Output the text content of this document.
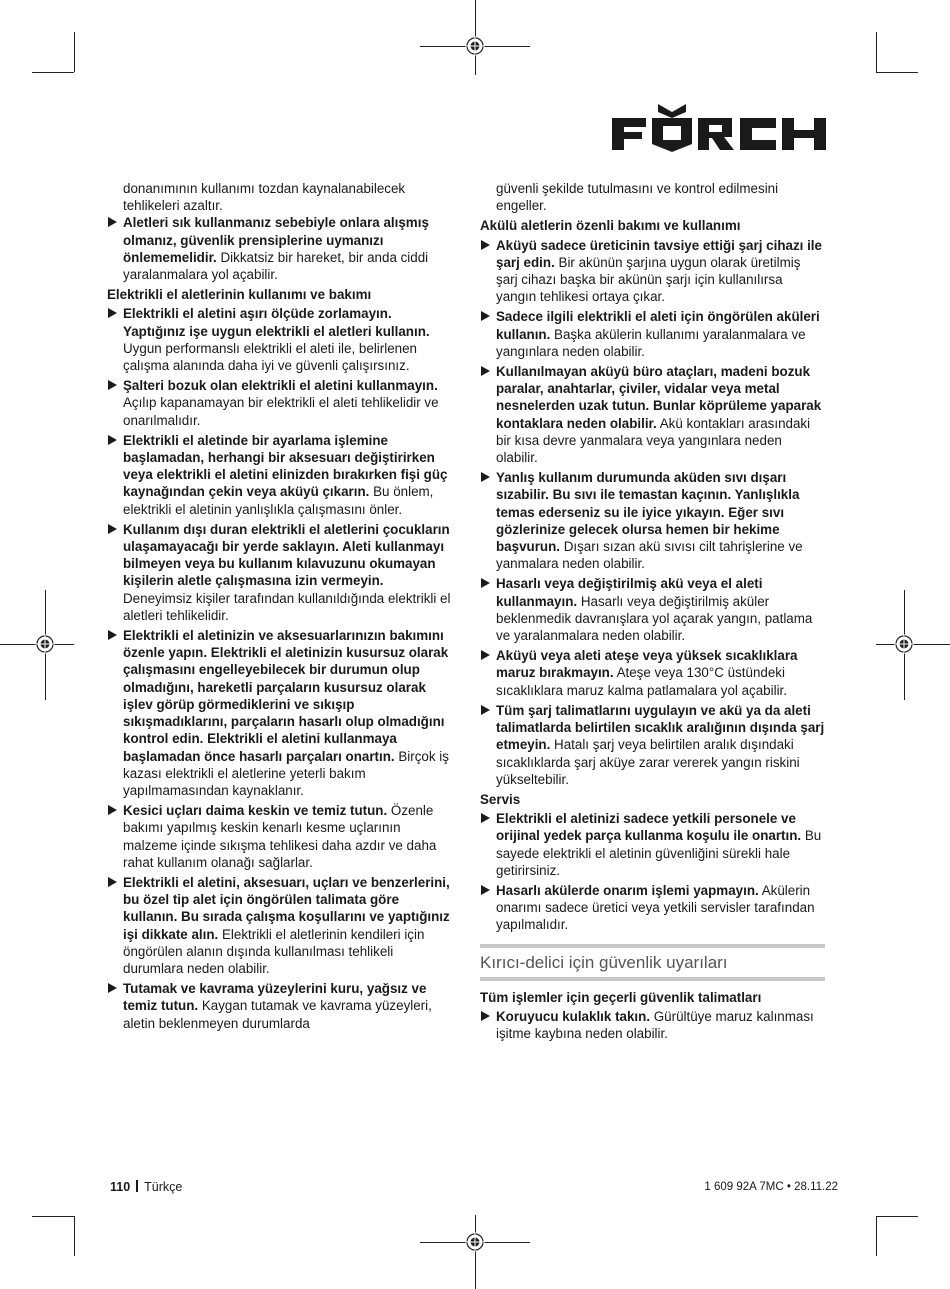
donanımının kullanımı tozdan kaynalanabilecek tehlikeleri azaltır.

Aletleri sık kullanmanız sebebiyle onlara alışmış olmanız, güvenlik prensiplerine uymanızı önlememelidir. Dikkatsiz bir hareket, bir anda ciddi yaralanmalara yol açabilir.
Elektrikli el aletlerinin kullanımı ve bakımı
Elektrikli el aletini aşırı ölçüde zorlamayın. Yaptığınız işe uygun elektrikli el aletleri kullanın. Uygun performanslı elektrikli el aleti ile, belirlenen çalışma alanında daha iyi ve güvenli çalışırsınız.
Şalteri bozuk olan elektrikli el aletini kullanmayın. Açılıp kapanamayan bir elektrikli el aleti tehlikelidir ve onarılmalıdır.
Elektrikli el aletinde bir ayarlama işlemine başlamadan, herhangi bir aksesuarı değiştirirken veya elektrikli el aletini elinizden bırakırken fişi güç kaynağından çekin veya aküyü çıkarın. Bu önlem, elektrikli el aletinin yanlışlıkla çalışmasını önler.
Kullanım dışı duran elektrikli el aletlerini çocukların ulaşamayacağı bir yerde saklayın. Aleti kullanmayı bilmeyen veya bu kullanım kılavuzunu okumayan kişilerin aletle çalışmasına izin vermeyin. Deneyimsiz kişiler tarafından kullanıldığında elektrikli el aletleri tehlikelidir.
Elektrikli el aletinizin ve aksesuarlarınızın bakımını özenle yapın. Elektrikli el aletinizin kusursuz olarak çalışmasını engelleyebilecek bir durumun olup olmadığını, hareketli parçaların kusursuz olarak işlev görüp görmediklerini ve sıkışıp sıkışmadıklarını, parçaların hasarlı olup olmadığını kontrol edin. Elektrikli el aletini kullanmaya başlamadan önce hasarlı parçaları onartın. Birçok iş kazası elektrikli el aletlerine yeterli bakım yapılmamasından kaynaklanır.
Kesici uçları daima keskin ve temiz tutun. Özenle bakımı yapılmış keskin kenarlı kesme uçlarının malzeme içinde sıkışma tehlikesi daha azdır ve daha rahat kullanım olanağı sağlarlar.
Elektrikli el aletini, aksesuarı, uçları ve benzerlerini, bu özel tip alet için öngörülen talimata göre kullanın. Bu sırada çalışma koşullarını ve yaptığınız işi dikkate alın. Elektrikli el aletlerinin kendileri için öngörülen alanın dışında kullanılması tehlikeli durumlara neden olabilir.
Tutamak ve kavrama yüzeylerini kuru, yağsız ve temiz tutun. Kaygan tutamak ve kavrama yüzeyleri, aletin beklenmeyen durumlarda

güvenli şekilde tutulmasını ve kontrol edilmesini engeller.

Akülü aletlerin özenli bakımı ve kullanımı
Aküyü sadece üreticinin tavsiye ettiği şarj cihazı ile şarj edin. Bir akünün şarjına uygun olarak üretilmiş şarj cihazı başka bir akünün şarjı için kullanılırsa yangın tehlikesi ortaya çıkar.
Sadece ilgili elektrikli el aleti için öngörülen aküleri kullanın. Başka akülerin kullanımı yaralanmalara ve yangınlara neden olabilir.
Kullanılmayan aküyü büro ataçları, madeni bozuk paralar, anahtarlar, çiviler, vidalar veya metal nesnelerden uzak tutun. Bunlar köprüleme yaparak kontaklara neden olabilir. Akü kontakları arasındaki bir kısa devre yanmalara veya yangınlara neden olabilir.
Yanlış kullanım durumunda aküden sıvı dışarı sızabilir. Bu sıvı ile temastan kaçının. Yanlışlıkla temas ederseniz su ile iyice yıkayın. Eğer sıvı gözlerinize gelecek olursa hemen bir hekime başvurun. Dışarı sızan akü sıvısı cilt tahrişlerine ve yanmalara neden olabilir.
Hasarlı veya değiştirilmiş akü veya el aleti kullanmayın. Hasarlı veya değiştirilmiş aküler beklenmedik davranışlara yol açarak yangın, patlama ve yaralanmalara neden olabilir.
Aküyü veya aleti ateşe veya yüksek sıcaklıklara maruz bırakmayın. Ateşe veya 130°C üstündeki sıcaklıklara maruz kalma patlamalara yol açabilir.
Tüm şarj talimatlarını uygulayın ve akü ya da aleti talimatlarda belirtilen sıcaklık aralığının dışında şarj etmeyin. Hatalı şarj veya belirtilen aralık dışındaki sıcaklıklarda şarj aküye zarar vererek yangın riskini yükseltebilir.
Servis
Elektrikli el aletinizi sadece yetkili personele ve orijinal yedek parça kullanma koşulu ile onartın. Bu sayede elektrikli el aletinin güvenliğini sürekli hale getirirsiniz.
Hasarlı akülerde onarım işlemi yapmayın. Akülerin onarımı sadece üretici veya yetkili servisler tarafından yapılmalıdır.
Kırıcı-delici için güvenlik uyarıları
Tüm işlemler için geçerli güvenlik talimatları
Koruyucu kulaklık takın. Gürültüye maruz kalınması işitme kaybına neden olabilir.
110 Türkçe	1 609 92A 7MC • 28.11.22
